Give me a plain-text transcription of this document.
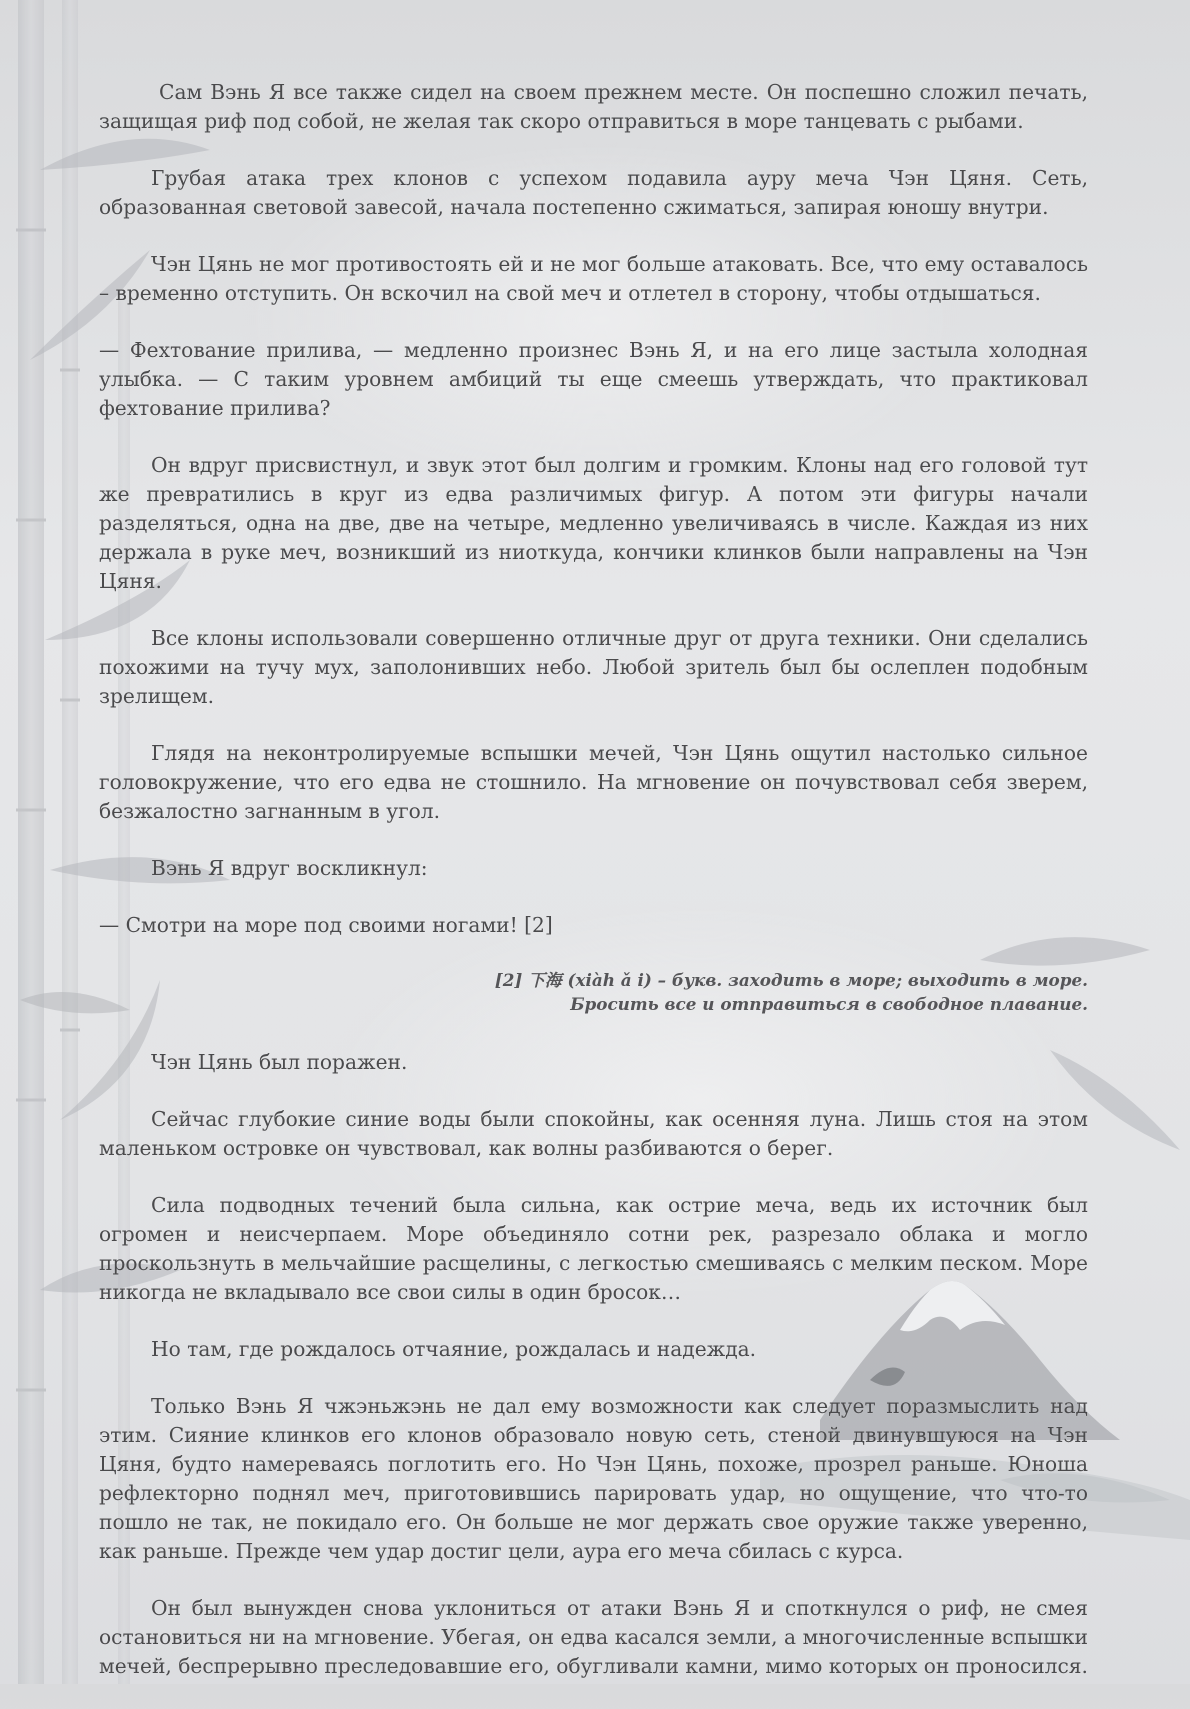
Сам Вэнь Я все также сидел на своем прежнем месте. Он поспешно сложил печать, защищая риф под собой, не желая так скоро отправиться в море танцевать с рыбами.

Грубая атака трех клонов с успехом подавила ауру меча Чэн Цяня. Сеть, образованная световой завесой, начала постепенно сжиматься, запирая юношу внутри.

Чэн Цянь не мог противостоять ей и не мог больше атаковать. Все, что ему оставалось – временно отступить. Он вскочил на свой меч и отлетел в сторону, чтобы отдышаться.

— Фехтование прилива, — медленно произнес Вэнь Я, и на его лице застыла холодная улыбка. — С таким уровнем амбиций ты еще смеешь утверждать, что практиковал фехтование прилива?

Он вдруг присвистнул, и звук этот был долгим и громким. Клоны над его головой тут же превратились в круг из едва различимых фигур. А потом эти фигуры начали разделяться, одна на две, две на четыре, медленно увеличиваясь в числе. Каждая из них держала в руке меч, возникший из ниоткуда, кончики клинков были направлены на Чэн Цяня.

Все клоны использовали совершенно отличные друг от друга техники. Они сделались похожими на тучу мух, заполонивших небо. Любой зритель был бы ослеплен подобным зрелищем.

Глядя на неконтролируемые вспышки мечей, Чэн Цянь ощутил настолько сильное головокружение, что его едва не стошнило. На мгновение он почувствовал себя зверем, безжалостно загнанным в угол.

Вэнь Я вдруг воскликнул:

— Смотри на море под своими ногами! [2]

[2] 下海 (xiàh ǎ i) – букв. заходить в море; выходить в море.
Бросить все и отправиться в свободное плавание.

Чэн Цянь был поражен.

Сейчас глубокие синие воды были спокойны, как осенняя луна. Лишь стоя на этом маленьком островке он чувствовал, как волны разбиваются о берег.

Сила подводных течений была сильна, как острие меча, ведь их источник был огромен и неисчерпаем. Море объединяло сотни рек, разрезало облака и могло проскользнуть в мельчайшие расщелины, с легкостью смешиваясь с мелким песком. Море никогда не вкладывало все свои силы в один бросок…

Но там, где рождалось отчаяние, рождалась и надежда.

Только Вэнь Я чжэньжэнь не дал ему возможности как следует поразмыслить над этим. Сияние клинков его клонов образовало новую сеть, стеной двинувшуюся на Чэн Цяня, будто намереваясь поглотить его. Но Чэн Цянь, похоже, прозрел раньше. Юноша рефлекторно поднял меч, приготовившись парировать удар, но ощущение, что что-то пошло не так, не покидало его. Он больше не мог держать свое оружие также уверенно, как раньше. Прежде чем удар достиг цели, аура его меча сбилась с курса.

Он был вынужден снова уклониться от атаки Вэнь Я и споткнулся о риф, не смея остановиться ни на мгновение. Убегая, он едва касался земли, а многочисленные вспышки мечей, беспрерывно преследовавшие его, обугливали камни, мимо которых он проносился.
